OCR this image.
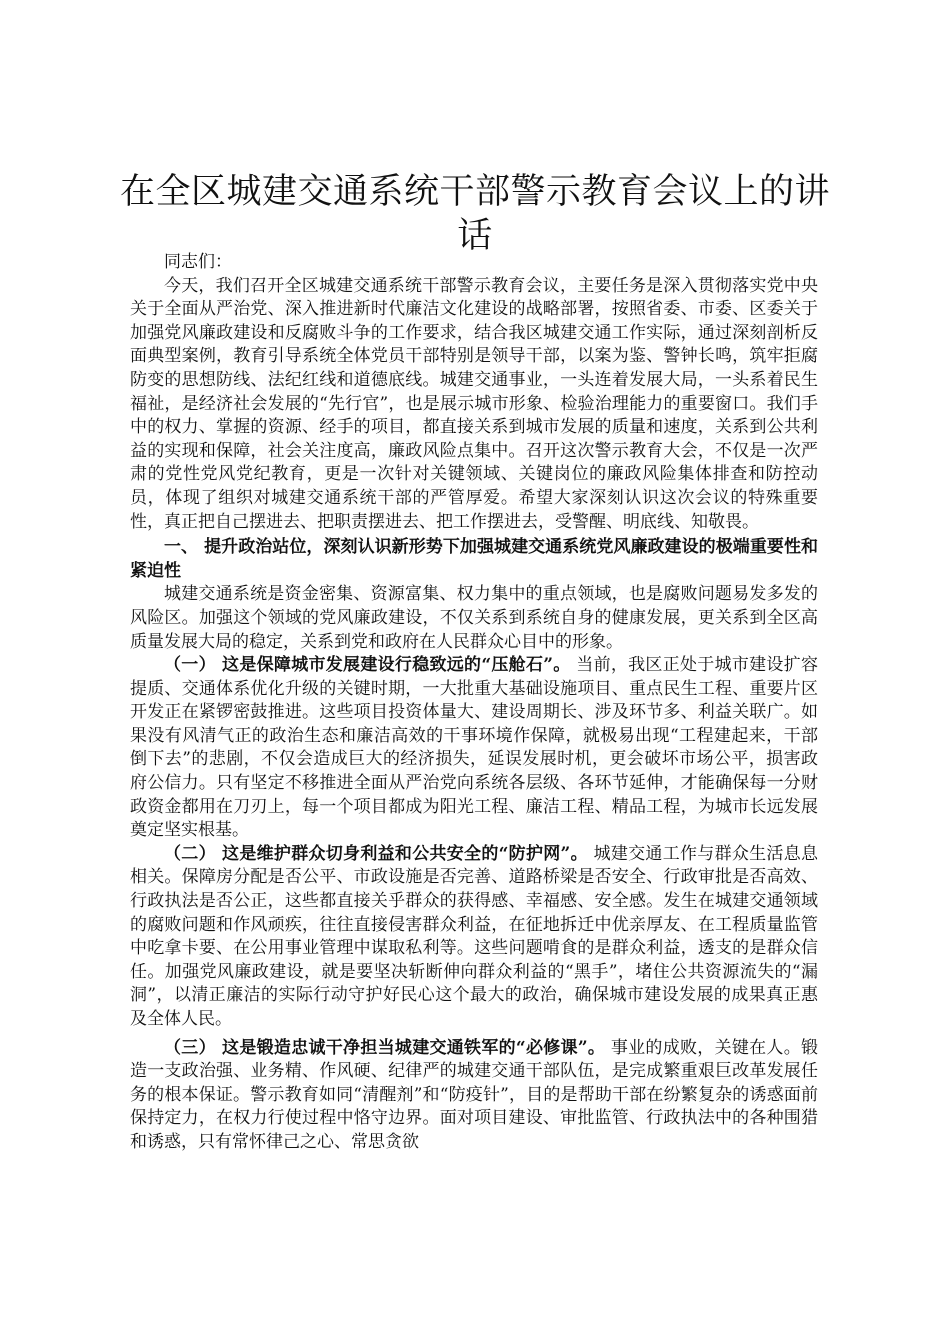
在全区城建交通系统干部警示教育会议上的讲话

同志们：

今天，我们召开全区城建交通系统干部警示教育会议，主要任务是深入贯彻落实党中央关于全面从严治党、深入推进新时代廉洁文化建设的战略部署，按照省委、市委、区委关于加强党风廉政建设和反腐败斗争的工作要求，结合我区城建交通工作实际，通过深刻剖析反面典型案例，教育引导系统全体党员干部特别是领导干部，以案为鉴、警钟长鸣，筑牢拒腐防变的思想防线、法纪红线和道德底线。城建交通事业，一头连着发展大局，一头系着民生福祉，是经济社会发展的“先行官”，也是展示城市形象、检验治理能力的重要窗口。我们手中的权力、掌握的资源、经手的项目，都直接关系到城市发展的质量和速度，关系到公共利益的实现和保障，社会关注度高，廉政风险点集中。召开这次警示教育大会，不仅是一次严肃的党性党风党纪教育，更是一次针对关键领域、关键岗位的廉政风险集体排查和防控动员，体现了组织对城建交通系统干部的严管厚爱。希望大家深刻认识这次会议的特殊重要性，真正把自己摆进去、把职责摆进去、把工作摆进去，受警醒、明底线、知敬畏。

一、 提升政治站位，深刻认识新形势下加强城建交通系统党风廉政建设的极端重要性和紧迫性

城建交通系统是资金密集、资源富集、权力集中的重点领域，也是腐败问题易发多发的风险区。加强这个领域的党风廉政建设，不仅关系到系统自身的健康发展，更关系到全区高质量发展大局的稳定，关系到党和政府在人民群众心目中的形象。

（一） 这是保障城市发展建设行稳致远的“压舱石”。 当前，我区正处于城市建设扩容提质、交通体系优化升级的关键时期，一大批重大基础设施项目、重点民生工程、重要片区开发正在紧锣密鼓推进。这些项目投资体量大、建设周期长、涉及环节多、利益关联广。如果没有风清气正的政治生态和廉洁高效的干事环境作保障，就极易出现“工程建起来，干部倒下去”的悲剧，不仅会造成巨大的经济损失，延误发展时机，更会破坏市场公平，损害政府公信力。只有坚定不移推进全面从严治党向系统各层级、各环节延伸，才能确保每一分财政资金都用在刀刃上，每一个项目都成为阳光工程、廉洁工程、精品工程，为城市长远发展奠定坚实根基。

（二） 这是维护群众切身利益和公共安全的“防护网”。 城建交通工作与群众生活息息相关。保障房分配是否公平、市政设施是否完善、道路桥梁是否安全、行政审批是否高效、行政执法是否公正，这些都直接关乎群众的获得感、幸福感、安全感。发生在城建交通领域的腐败问题和作风顽疾，往往直接侵害群众利益，在征地拆迁中优亲厚友、在工程质量监管中吃拿卡要、在公用事业管理中谋取私利等。这些问题啃食的是群众利益，透支的是群众信任。加强党风廉政建设，就是要坚决斩断伸向群众利益的“黑手”，堵住公共资源流失的“漏洞”，以清正廉洁的实际行动守护好民心这个最大的政治，确保城市建设发展的成果真正惠及全体人民。

（三） 这是锻造忠诚干净担当城建交通铁军的“必修课”。 事业的成败，关键在人。锻造一支政治强、业务精、作风硬、纪律严的城建交通干部队伍，是完成繁重艰巨改革发展任务的根本保证。警示教育如同“清醒剂”和“防疫针”，目的是帮助干部在纷繁复杂的诱惑面前保持定力，在权力行使过程中恪守边界。面对项目建设、审批监管、行政执法中的各种围猎和诱惑，只有常怀律己之心、常思贪欲
